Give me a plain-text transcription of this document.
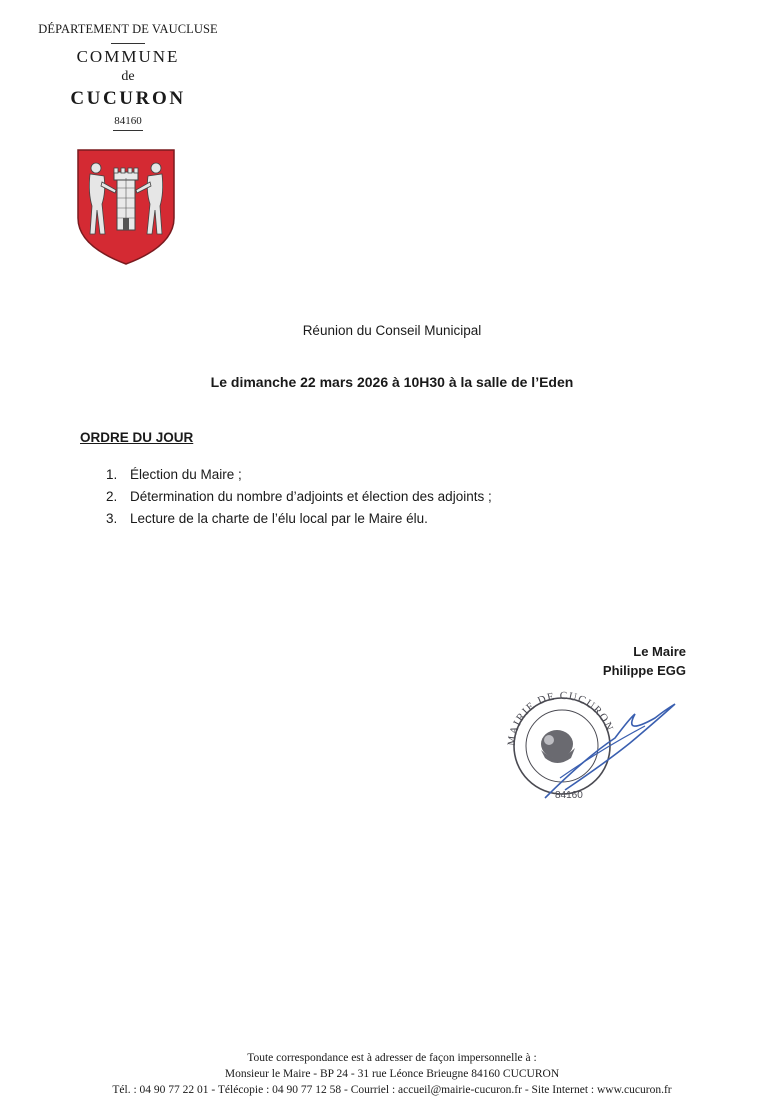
DÉPARTEMENT DE VAUCLUSE
COMMUNE
de
CUCURON
84160
Réunion du Conseil Municipal
Le dimanche 22 mars 2026 à 10H30 à la salle de l’Eden
ORDRE DU JOUR
1. Élection du Maire ;
2. Détermination du nombre d’adjoints et élection des adjoints ;
3. Lecture de la charte de l’élu local par le Maire élu.
Le Maire
Philippe EGG
MAIRIE DE CUCURON
84160
Toute correspondance est à adresser de façon impersonnelle à :
Monsieur le Maire - BP 24 - 31 rue Léonce Brieugne 84160 CUCURON
Tél. : 04 90 77 22 01 - Télécopie : 04 90 77 12 58 - Courriel : accueil@mairie-cucuron.fr - Site Internet : www.cucuron.fr
